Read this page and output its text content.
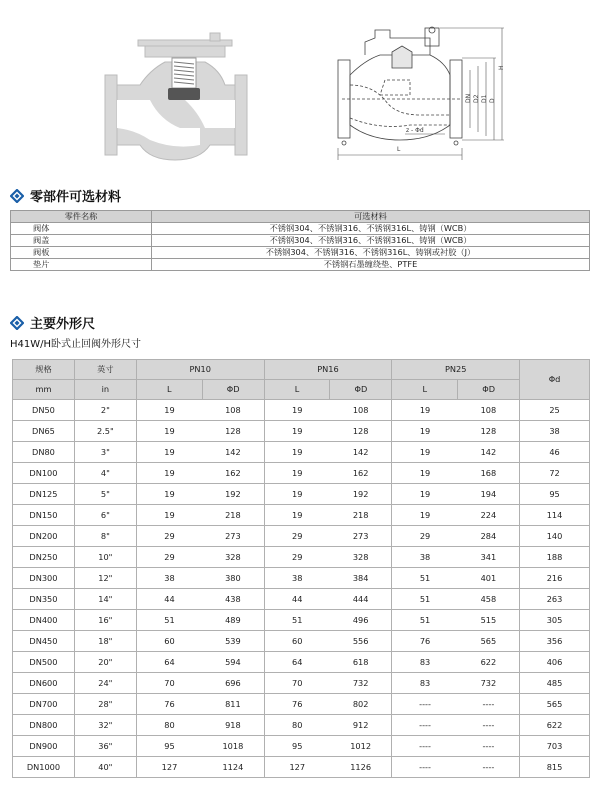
DN D2 D1 D
H
L
z - Φd
零部件可选材料
零件名称	可选材料
阀体	不锈钢304、不锈钢316、不锈钢316L、铸钢（WCB）
阀盖	不锈钢304、不锈钢316、不锈钢316L、铸钢（WCB）
阀板	不锈钢304、不锈钢316、不锈钢316L、铸钢或衬胶（J）
垫片	不锈钢石墨缠绕垫、PTFE
主要外形尺
H41W/H卧式止回阀外形尺寸
规格	英寸	PN10		PN16		PN25		Φd
mm	in	L	ΦD	L	ΦD	L	ΦD	
DN50	2"	19	108	19	108	19	108	25
DN65	2.5"	19	128	19	128	19	128	38
DN80	3"	19	142	19	142	19	142	46
DN100	4"	19	162	19	162	19	168	72
DN125	5"	19	192	19	192	19	194	95
DN150	6"	19	218	19	218	19	224	114
DN200	8"	29	273	29	273	29	284	140
DN250	10"	29	328	29	328	38	341	188
DN300	12"	38	380	38	384	51	401	216
DN350	14"	44	438	44	444	51	458	263
DN400	16"	51	489	51	496	51	515	305
DN450	18"	60	539	60	556	76	565	356
DN500	20"	64	594	64	618	83	622	406
DN600	24"	70	696	70	732	83	732	485
DN700	28"	76	811	76	802	----	----	565
DN800	32"	80	918	80	912	----	----	622
DN900	36"	95	1018	95	1012	----	----	703
DN1000	40"	127	1124	127	1126	----	----	815
